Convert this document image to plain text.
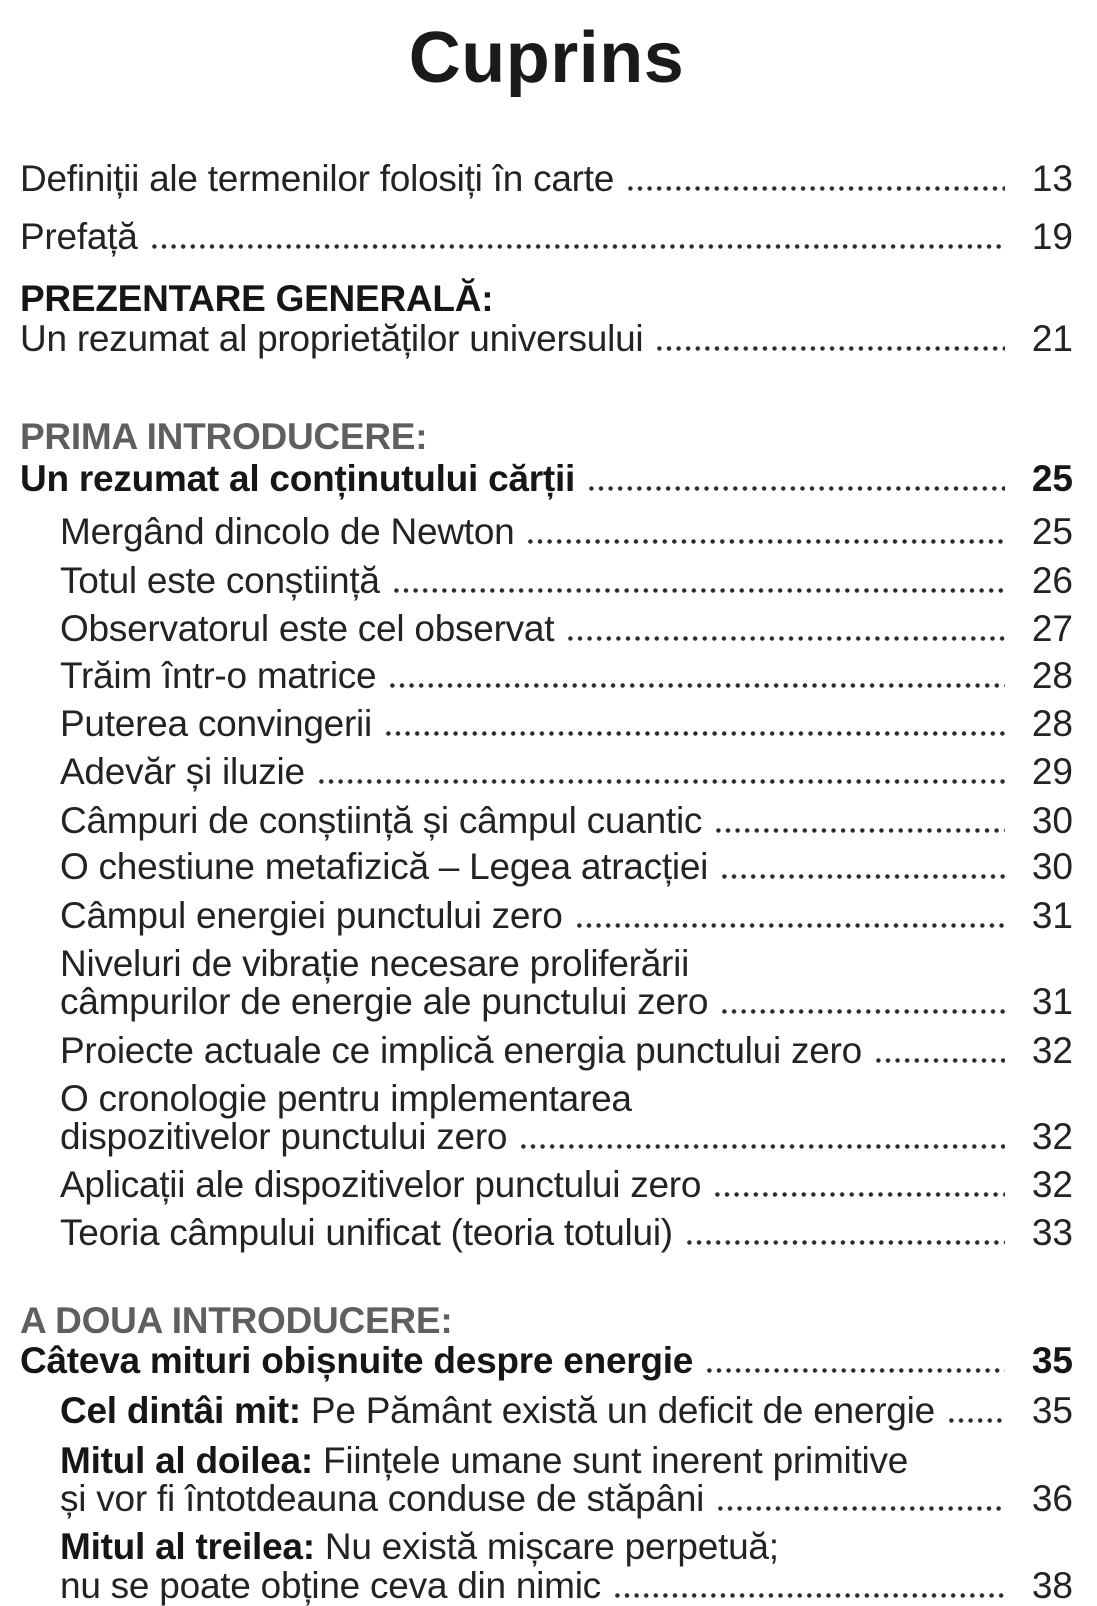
Cuprins
Definiții ale termenilor folosiți în carte	13
Prefață	19
PREZENTARE GENERALĂ:
Un rezumat al proprietăților universului	21
PRIMA INTRODUCERE:
Un rezumat al conținutului cărții	25
Mergând dincolo de Newton	25
Totul este conștiință	26
Observatorul este cel observat	27
Trăim într-o matrice	28
Puterea convingerii	28
Adevăr și iluzie	29
Câmpuri de conștiință și câmpul cuantic	30
O chestiune metafizică – Legea atracției	30
Câmpul energiei punctului zero	31
Niveluri de vibrație necesare proliferării
câmpurilor de energie ale punctului zero	31
Proiecte actuale ce implică energia punctului zero	32
O cronologie pentru implementarea
dispozitivelor punctului zero	32
Aplicații ale dispozitivelor punctului zero	32
Teoria câmpului unificat (teoria totului)	33
A DOUA INTRODUCERE:
Câteva mituri obișnuite despre energie	35
Cel dintâi mit: Pe Pământ există un deficit de energie	35
Mitul al doilea: Ființele umane sunt inerent primitive
și vor fi întotdeauna conduse de stăpâni	36
Mitul al treilea: Nu există mișcare perpetuă;
nu se poate obține ceva din nimic	38
